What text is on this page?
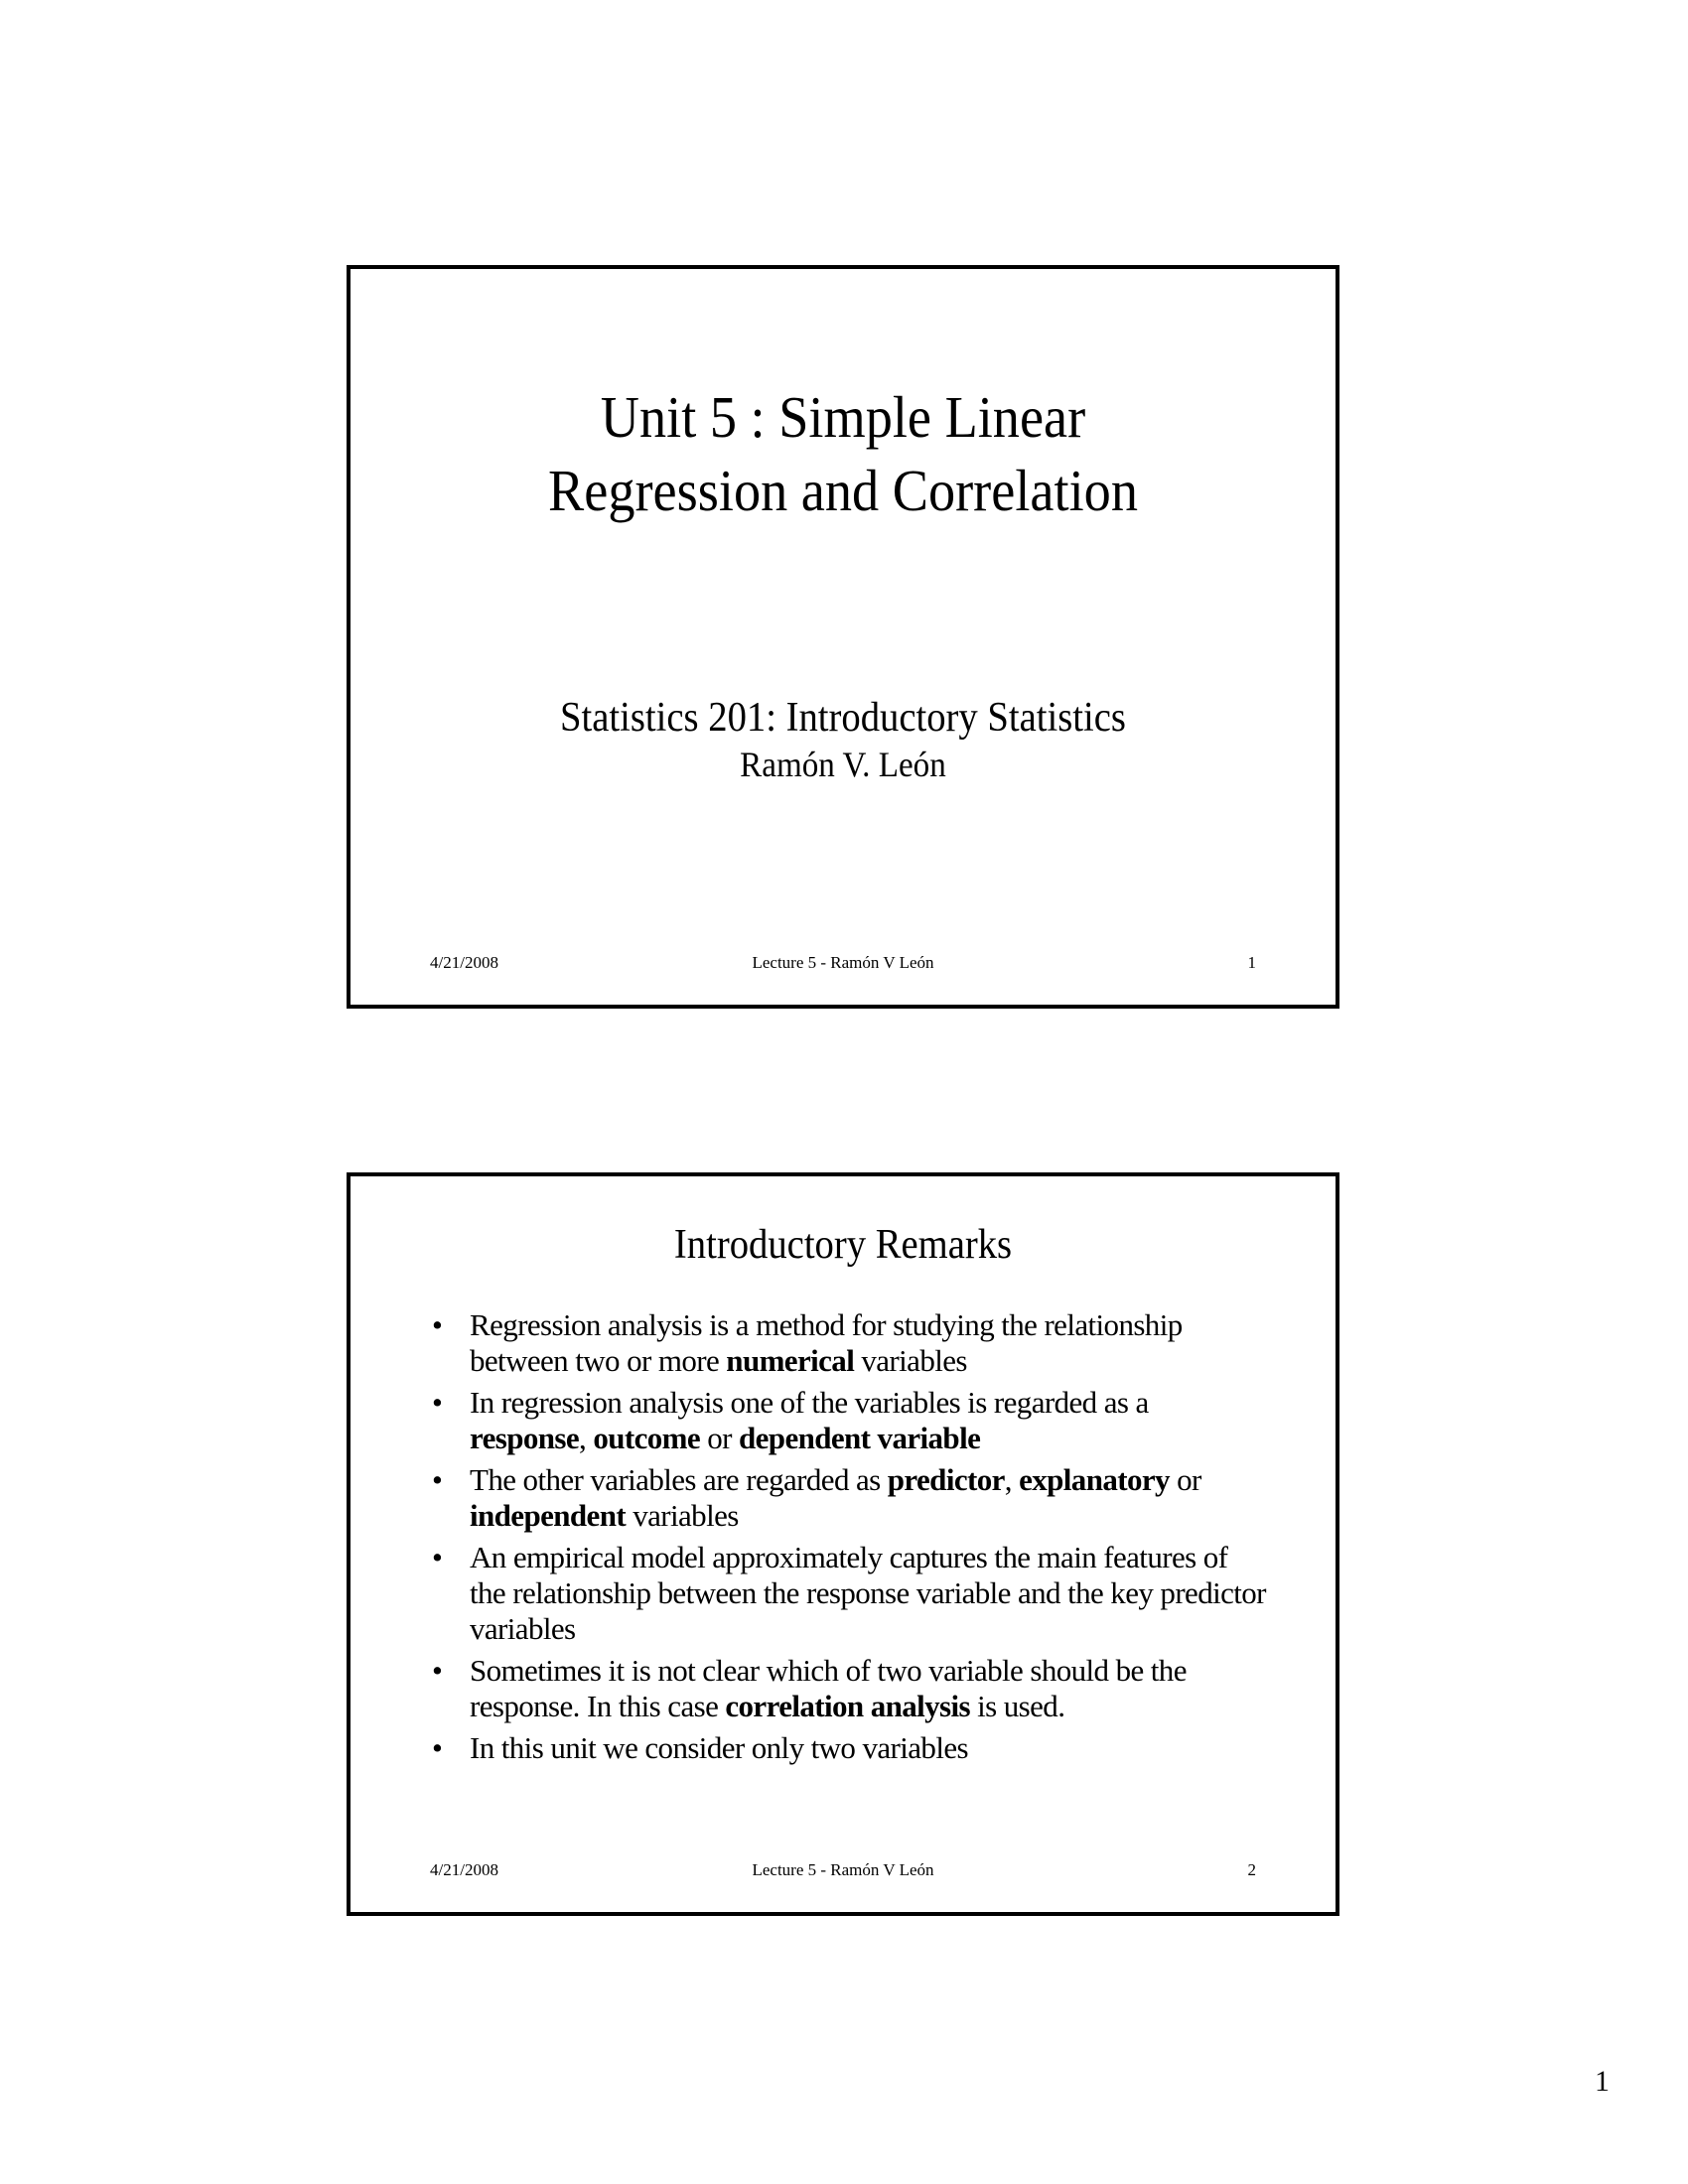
Unit 5 : Simple Linear
Regression and Correlation
Statistics 201: Introductory Statistics
Ramón V. León
4/21/2008	Lecture 5 - Ramón V León	1
Introductory Remarks
• Regression analysis is a method for studying the relationship between two or more numerical variables
• In regression analysis one of the variables is regarded as a response, outcome or dependent variable
• The other variables are regarded as predictor, explanatory or independent variables
• An empirical model approximately captures the main features of the relationship between the response variable and the key predictor variables
• Sometimes it is not clear which of two variable should be the response. In this case correlation analysis is used.
• In this unit we consider only two variables
4/21/2008	Lecture 5 - Ramón V León	2
1
